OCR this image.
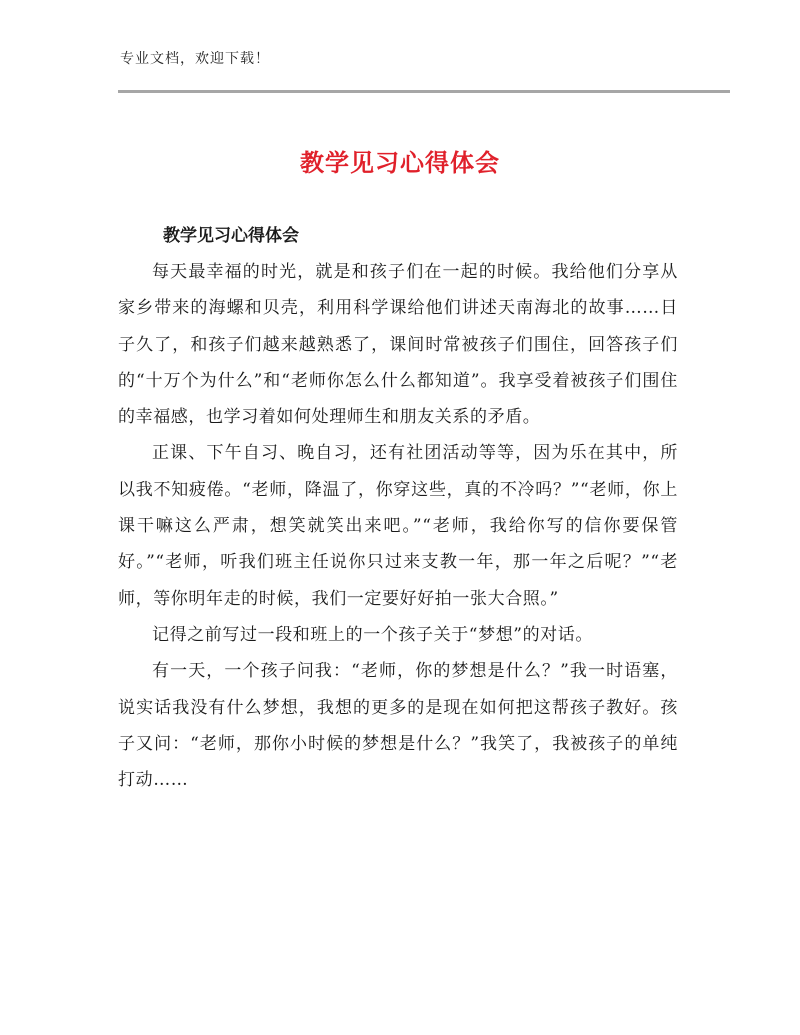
专业文档，欢迎下载！
教学见习心得体会
教学见习心得体会

每天最幸福的时光，就是和孩子们在一起的时候。我给他们分享从家乡带来的海螺和贝壳，利用科学课给他们讲述天南海北的故事……日子久了，和孩子们越来越熟悉了，课间时常被孩子们围住，回答孩子们的“十万个为什么”和“老师你怎么什么都知道”。我享受着被孩子们围住的幸福感，也学习着如何处理师生和朋友关系的矛盾。

正课、下午自习、晚自习，还有社团活动等等，因为乐在其中，所以我不知疲倦。“老师，降温了，你穿这些，真的不冷吗？”“老师，你上课干嘛这么严肃，想笑就笑出来吧。”“老师，我给你写的信你要保管好。”“老师，听我们班主任说你只过来支教一年，那一年之后呢？”“老师，等你明年走的时候，我们一定要好好拍一张大合照。”

记得之前写过一段和班上的一个孩子关于“梦想”的对话。

有一天，一个孩子问我：“老师，你的梦想是什么？”我一时语塞，说实话我没有什么梦想，我想的更多的是现在如何把这帮孩子教好。孩子又问：“老师，那你小时候的梦想是什么？”我笑了，我被孩子的单纯打动……
